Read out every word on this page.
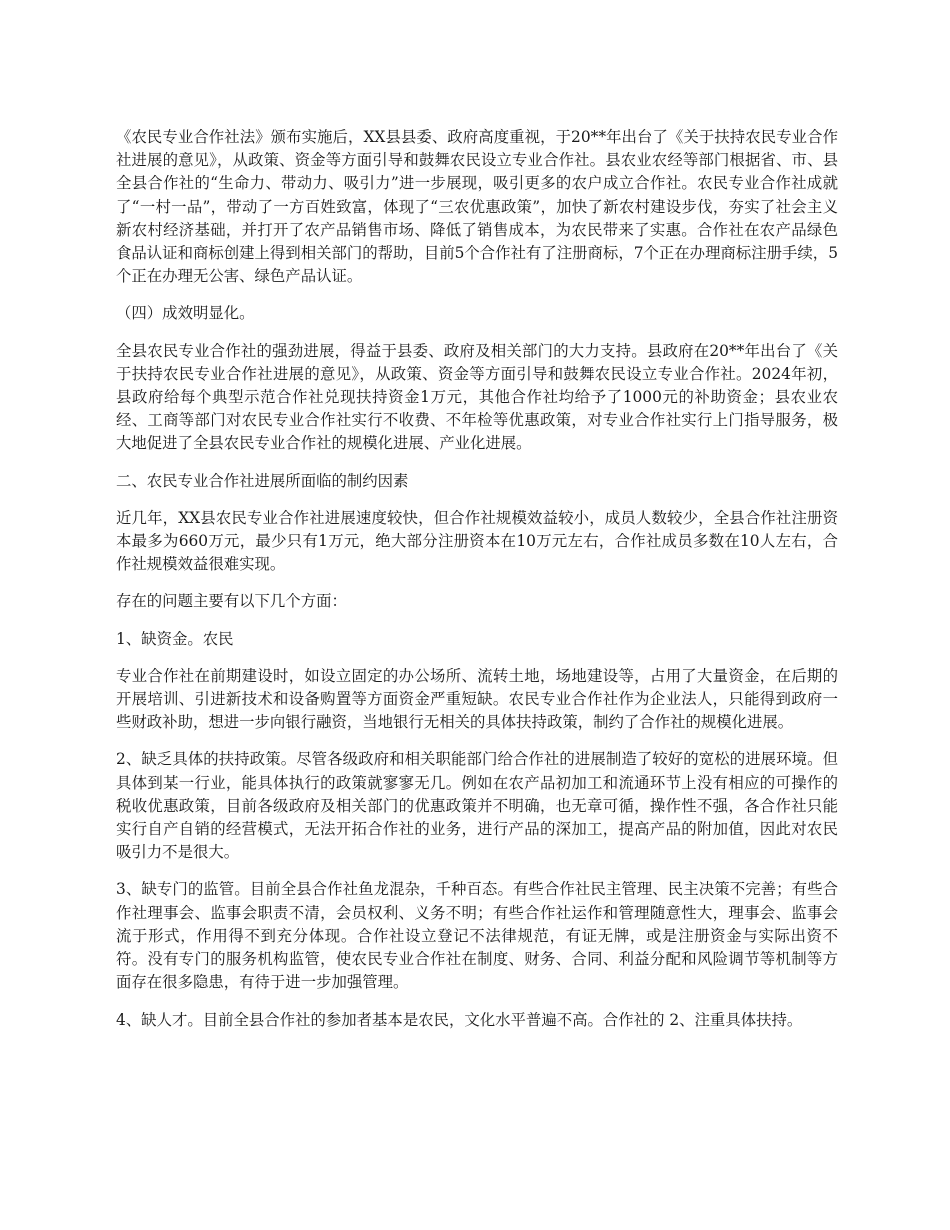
《农民专业合作社法》颁布实施后，XX县县委、政府高度重视，于20**年出台了《关于扶持农民专业合作社进展的意见》，从政策、资金等方面引导和鼓舞农民设立专业合作社。县农业农经等部门根据省、市、县 全县合作社的“生命力、带动力、吸引力”进一步展现，吸引更多的农户成立合作社。农民专业合作社成就了“一村一品”，带动了一方百姓致富，体现了“三农优惠政策”，加快了新农村建设步伐，夯实了社会主义新农村经济基础，并打开了农产品销售市场、降低了销售成本，为农民带来了实惠。合作社在农产品绿色食品认证和商标创建上得到相关部门的帮助，目前5个合作社有了注册商标，7个正在办理商标注册手续，5个正在办理无公害、绿色产品认证。

（四）成效明显化。

全县农民专业合作社的强劲进展，得益于县委、政府及相关部门的大力支持。县政府在20**年出台了《关于扶持农民专业合作社进展的意见》，从政策、资金等方面引导和鼓舞农民设立专业合作社。2024年初，县政府给每个典型示范合作社兑现扶持资金1万元，其他合作社均给予了1000元的补助资金；县农业农经、工商等部门对农民专业合作社实行不收费、不年检等优惠政策，对专业合作社实行上门指导服务，极大地促进了全县农民专业合作社的规模化进展、产业化进展。

二、农民专业合作社进展所面临的制约因素

近几年，XX县农民专业合作社进展速度较快，但合作社规模效益较小，成员人数较少，全县合作社注册资本最多为660万元，最少只有1万元，绝大部分注册资本在10万元左右，合作社成员多数在10人左右，合作社规模效益很难实现。

存在的问题主要有以下几个方面：

1、缺资金。农民

专业合作社在前期建设时，如设立固定的办公场所、流转土地，场地建设等，占用了大量资金，在后期的开展培训、引进新技术和设备购置等方面资金严重短缺。农民专业合作社作为企业法人，只能得到政府一些财政补助，想进一步向银行融资，当地银行无相关的具体扶持政策，制约了合作社的规模化进展。

2、缺乏具体的扶持政策。尽管各级政府和相关职能部门给合作社的进展制造了较好的宽松的进展环境。但具体到某一行业，能具体执行的政策就寥寥无几。例如在农产品初加工和流通环节上没有相应的可操作的税收优惠政策，目前各级政府及相关部门的优惠政策并不明确，也无章可循，操作性不强，各合作社只能实行自产自销的经营模式，无法开拓合作社的业务，进行产品的深加工，提高产品的附加值，因此对农民吸引力不是很大。

3、缺专门的监管。目前全县合作社鱼龙混杂，千种百态。有些合作社民主管理、民主决策不完善；有些合作社理事会、监事会职责不清，会员权利、义务不明；有些合作社运作和管理随意性大，理事会、监事会流于形式，作用得不到充分体现。合作社设立登记不法律规范，有证无牌，或是注册资金与实际出资不符。没有专门的服务机构监管，使农民专业合作社在制度、财务、合同、利益分配和风险调节等机制等方面存在很多隐患，有待于进一步加强管理。

4、缺人才。目前全县合作社的参加者基本是农民，文化水平普遍不高。合作社的 2、注重具体扶持。
